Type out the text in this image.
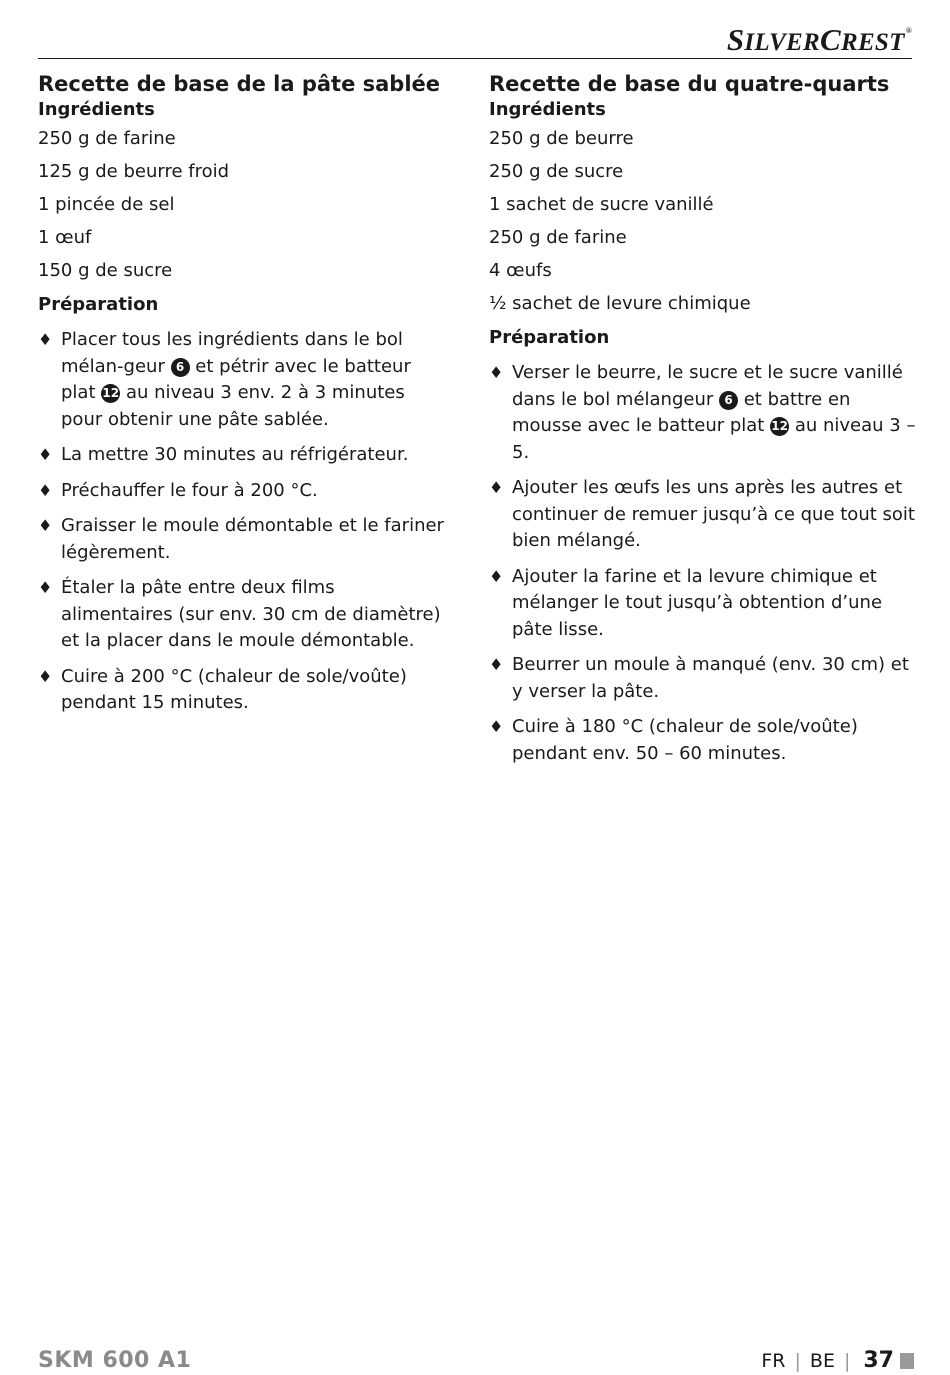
SILVERCREST®
Recette de base de la pâte sablée
Ingrédients
250 g de farine
125 g de beurre froid
1 pincée de sel
1 œuf
150 g de sucre
Préparation
♦ Placer tous les ingrédients dans le bol mélan-geur 6 et pétrir avec le batteur plat 12 au niveau 3 env. 2 à 3 minutes pour obtenir une pâte sablée.
♦ La mettre 30 minutes au réfrigérateur.
♦ Préchauffer le four à 200 °C.
♦ Graisser le moule démontable et le fariner légèrement.
♦ Étaler la pâte entre deux films alimentaires (sur env. 30 cm de diamètre) et la placer dans le moule démontable.
♦ Cuire à 200 °C (chaleur de sole/voûte) pendant 15 minutes.
Recette de base du quatre-quarts
Ingrédients
250 g de beurre
250 g de sucre
1 sachet de sucre vanillé
250 g de farine
4 œufs
½ sachet de levure chimique
Préparation
♦ Verser le beurre, le sucre et le sucre vanillé dans le bol mélangeur 6 et battre en mousse avec le batteur plat 12 au niveau 3 – 5.
♦ Ajouter les œufs les uns après les autres et continuer de remuer jusqu’à ce que tout soit bien mélangé.
♦ Ajouter la farine et la levure chimique et mélanger le tout jusqu’à obtention d’une pâte lisse.
♦ Beurrer un moule à manqué (env. 30 cm) et y verser la pâte.
♦ Cuire à 180 °C (chaleur de sole/voûte) pendant env. 50 – 60 minutes.
SKM 600 A1	FR | BE | 37
